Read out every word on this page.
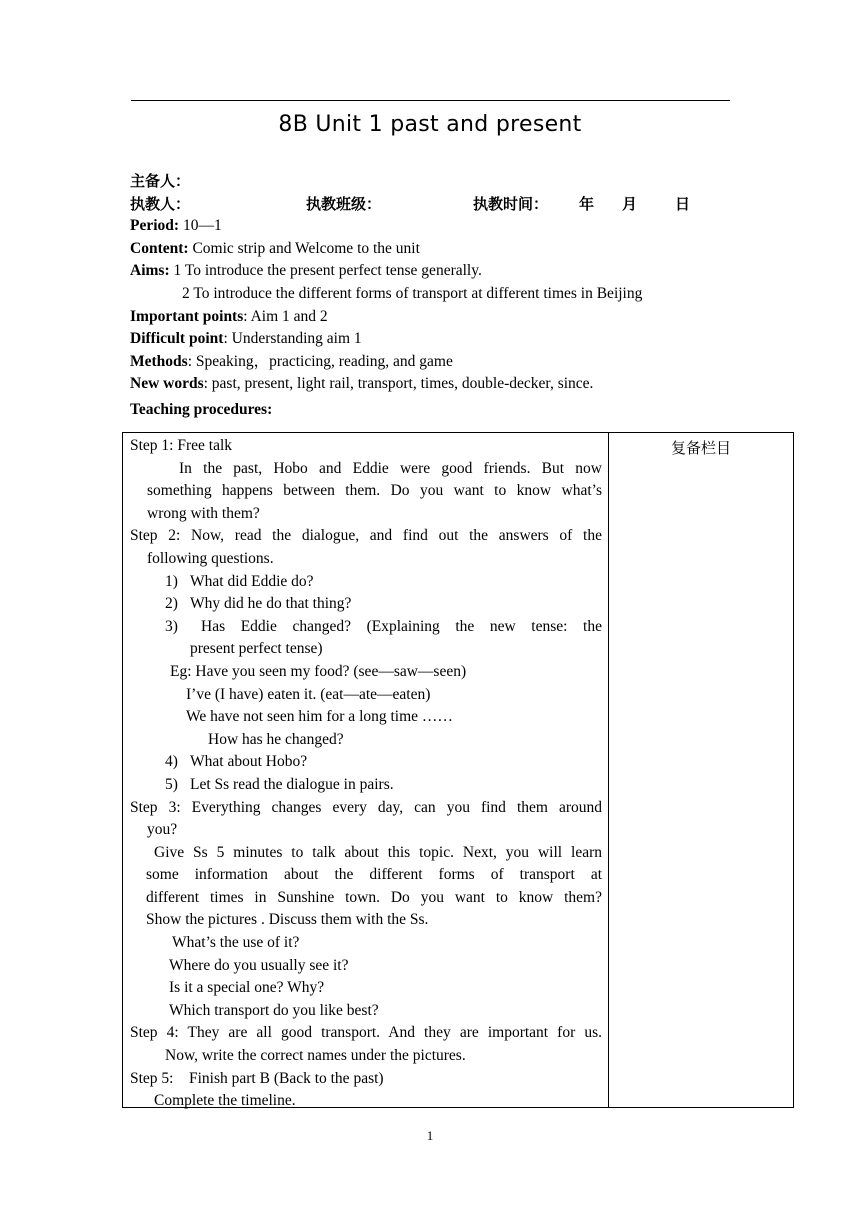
8B Unit 1 past and present
主备人：
执教人：	执教班级：	执教时间： 年 月	日
Period: 10—1
Content: Comic strip and Welcome to the unit
Aims: 1 To introduce the present perfect tense generally.
2 To introduce the different forms of transport at different times in Beijing
Important points: Aim 1 and 2
Difficult point: Understanding aim 1
Methods: Speaking，practicing, reading, and game
New words: past, present, light rail, transport, times, double-decker, since.
Teaching procedures:
Step 1: Free talk
In the past, Hobo and Eddie were good friends. But now
something happens between them. Do you want to know what’s
wrong with them?
Step 2: Now, read the dialogue, and find out the answers of the
following questions.
1) What did Eddie do?
2) Why did he do that thing?
3)	Has Eddie changed? (Explaining the new tense: the
present perfect tense)
Eg: Have you seen my food? (see—saw—seen)
I’ve (I have) eaten it. (eat—ate—eaten)
We have not seen him for a long time ……
How has he changed?
4) What about Hobo?
5) Let Ss read the dialogue in pairs.
Step 3: Everything changes every day, can you find them around
you?
Give Ss 5 minutes to talk about this topic. Next, you will learn
some information about the different forms of transport at
different times in Sunshine town. Do you want to know them?
Show the pictures . Discuss them with the Ss.
What’s the use of it?
Where do you usually see it?
Is it a special one? Why?
Which transport do you like best?
Step 4: They are all good transport. And they are important for us.
Now, write the correct names under the pictures.
Step 5:    Finish part B (Back to the past)
Complete the timeline.
复备栏目
1
